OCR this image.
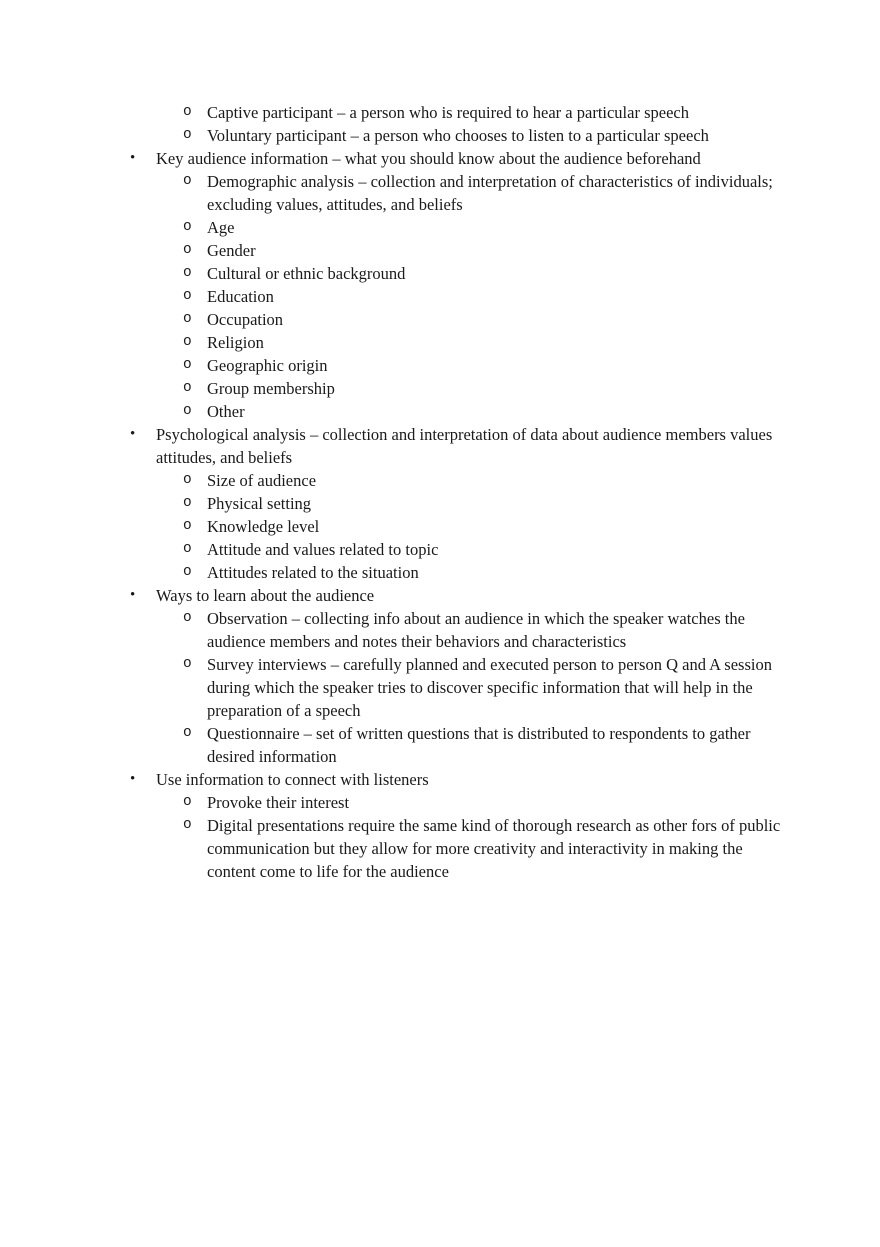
o Captive participant – a person who is required to hear a particular speech
o Voluntary participant – a person who chooses to listen to a particular speech
•	Key audience information – what you should know about the audience beforehand
o Demographic analysis – collection and interpretation of characteristics of individuals; excluding values, attitudes, and beliefs
o Age
o Gender
o Cultural or ethnic background
o Education
o Occupation
o Religion
o Geographic origin
o Group membership
o Other
•	Psychological analysis – collection and interpretation of data about audience members values attitudes, and beliefs
o Size of audience
o Physical setting
o Knowledge level
o Attitude and values related to topic
o Attitudes related to the situation
•	Ways to learn about the audience
o Observation – collecting info about an audience in which the speaker watches the audience members and notes their behaviors and characteristics
o Survey interviews – carefully planned and executed person to person Q and A session during which the speaker tries to discover specific information that will help in the preparation of a speech
o Questionnaire – set of written questions that is distributed to respondents to gather desired information
•	Use information to connect with listeners
o Provoke their interest
o Digital presentations require the same kind of thorough research as other fors of public communication but they allow for more creativity and interactivity in making the content come to life for the audience
